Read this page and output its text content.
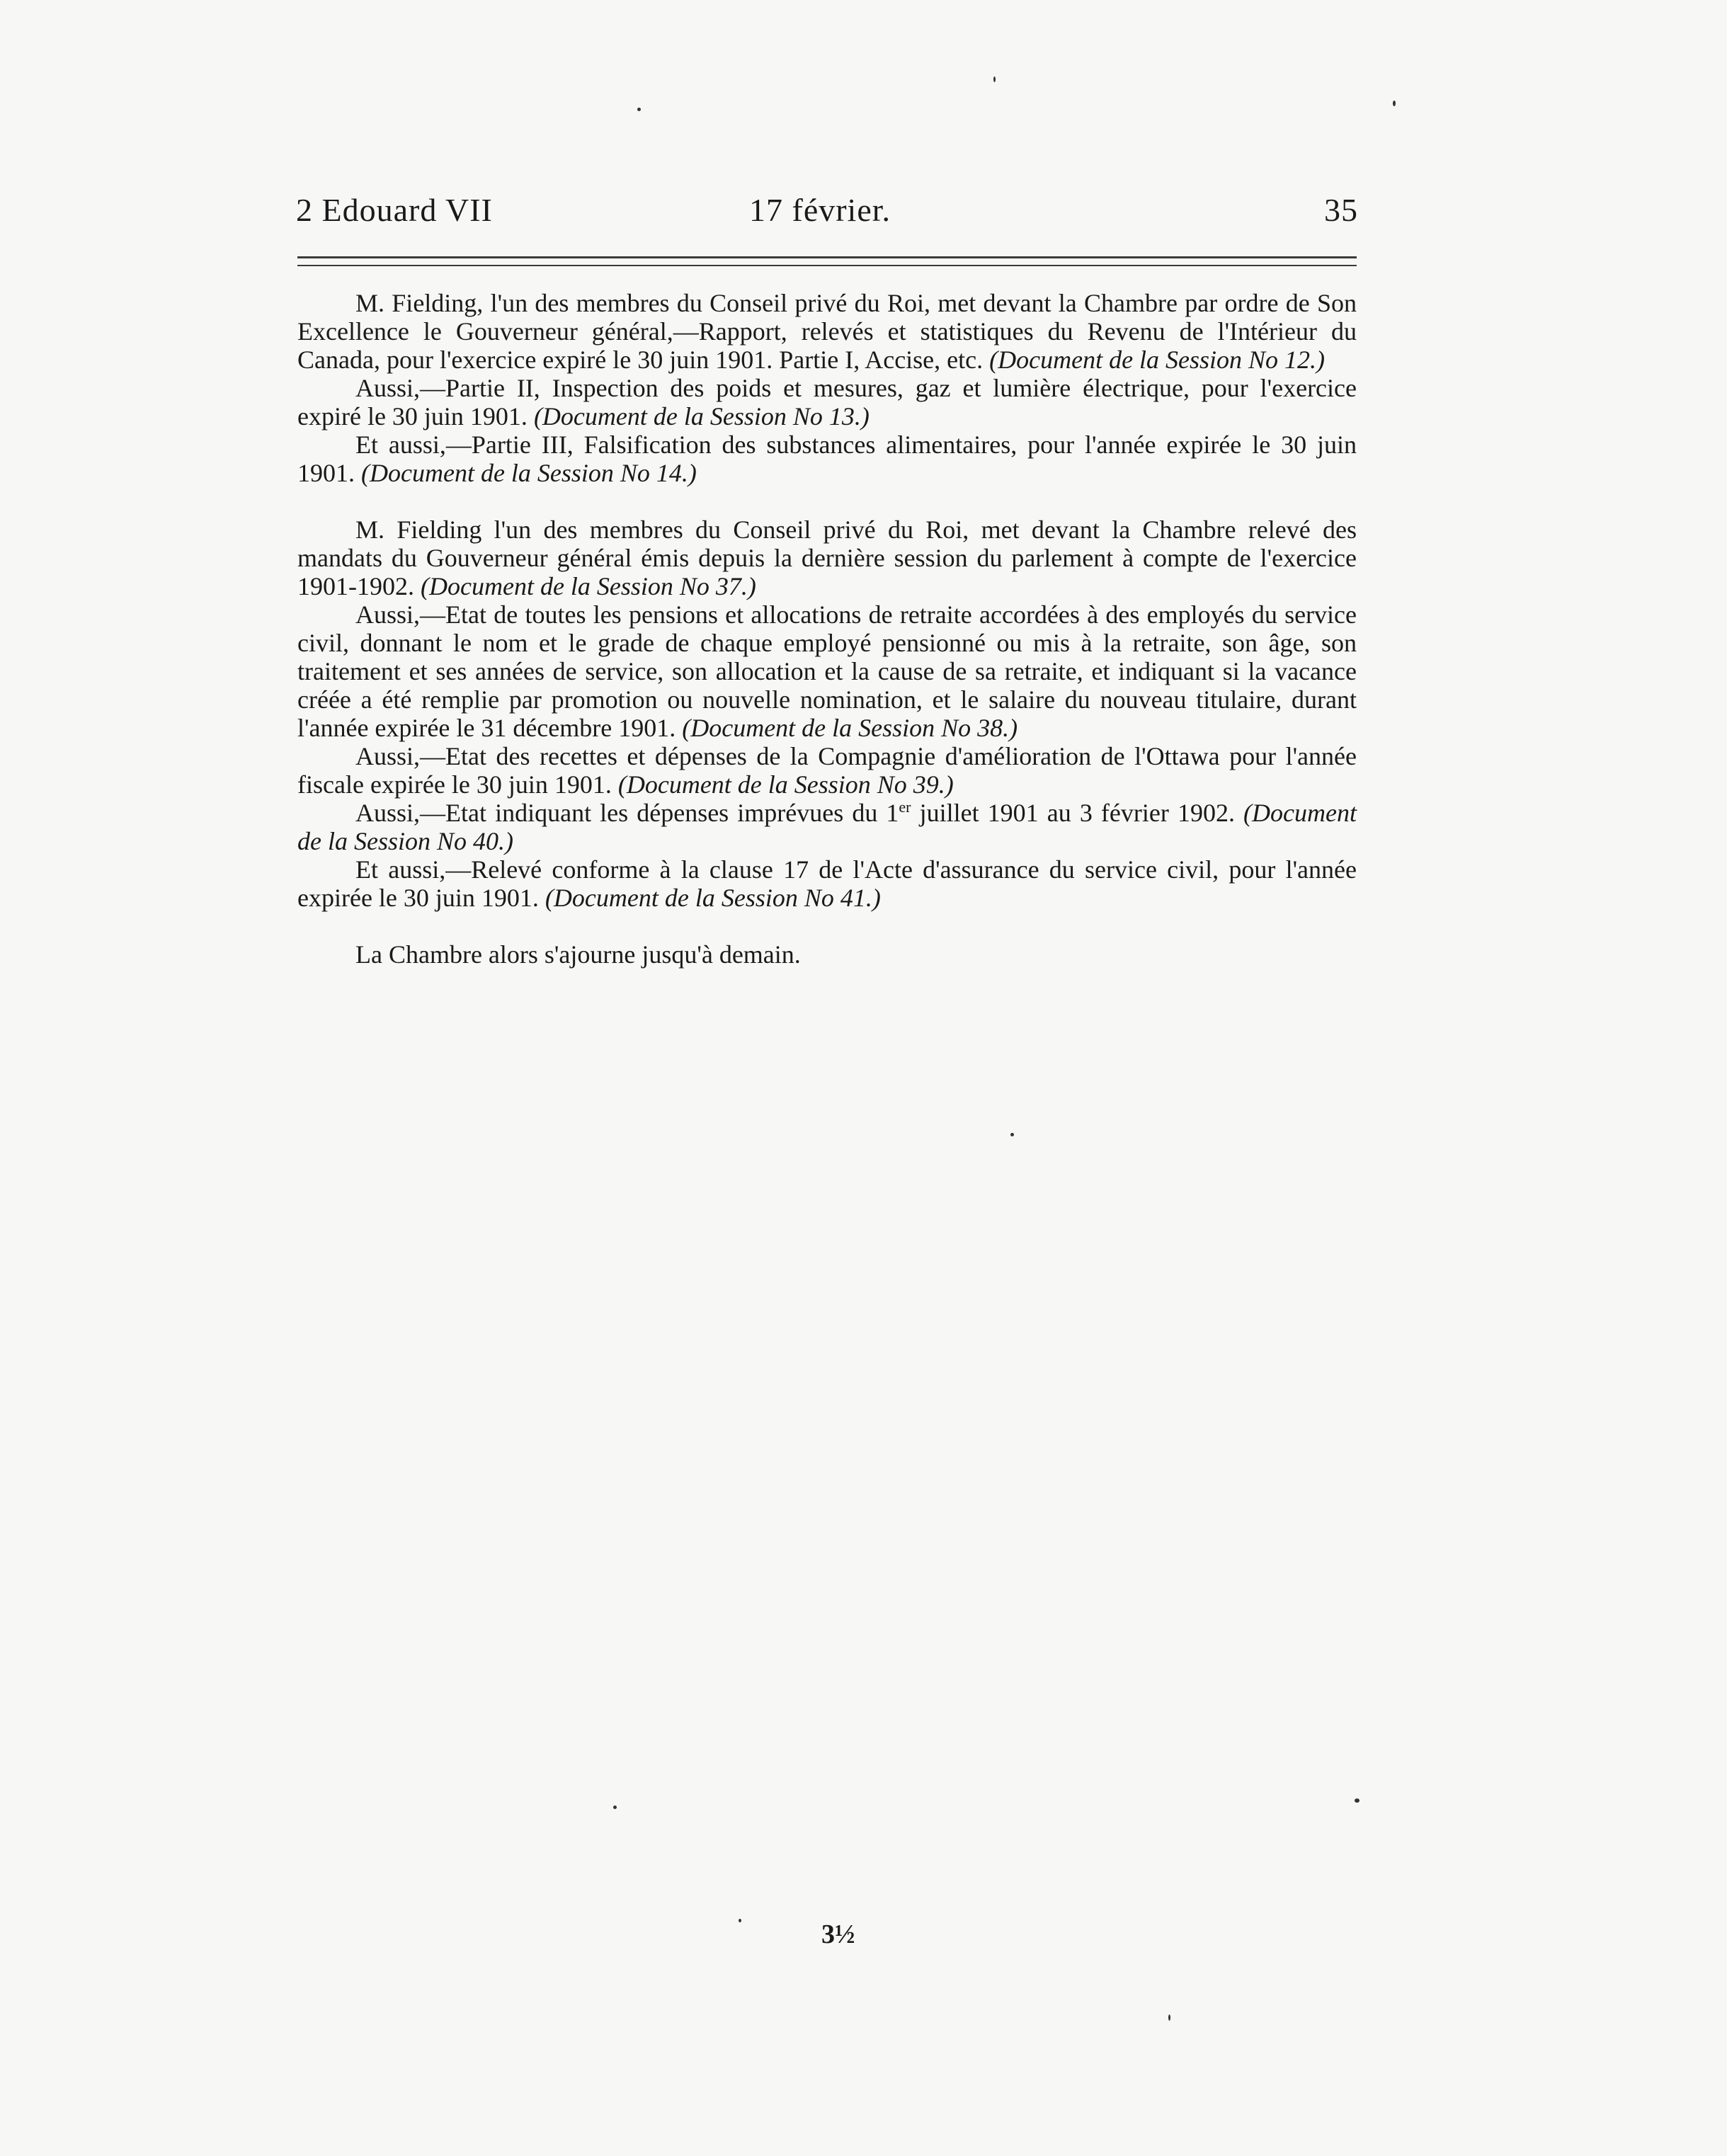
2 Edouard VII	17 février.	35

M. Fielding, l'un des membres du Conseil privé du Roi, met devant la Chambre par ordre de Son Excellence le Gouverneur général,—Rapport, relevés et statistiques du Revenu de l'Intérieur du Canada, pour l'exercice expiré le 30 juin 1901. Partie I, Accise, etc. (Document de la Session No 12.)

Aussi,—Partie II, Inspection des poids et mesures, gaz et lumière électrique, pour l'exercice expiré le 30 juin 1901. (Document de la Session No 13.)

Et aussi,—Partie III, Falsification des substances alimentaires, pour l'année expirée le 30 juin 1901. (Document de la Session No 14.)

M. Fielding l'un des membres du Conseil privé du Roi, met devant la Chambre relevé des mandats du Gouverneur général émis depuis la dernière session du parlement à compte de l'exercice 1901-1902. (Document de la Session No 37.)

Aussi,—Etat de toutes les pensions et allocations de retraite accordées à des employés du service civil, donnant le nom et le grade de chaque employé pensionné ou mis à la retraite, son âge, son traitement et ses années de service, son allocation et la cause de sa retraite, et indiquant si la vacance créée a été remplie par promotion ou nouvelle nomination, et le salaire du nouveau titulaire, durant l'année expirée le 31 décembre 1901. (Document de la Session No 38.)

Aussi,—Etat des recettes et dépenses de la Compagnie d'amélioration de l'Ottawa pour l'année fiscale expirée le 30 juin 1901. (Document de la Session No 39.)

Aussi,—Etat indiquant les dépenses imprévues du 1er juillet 1901 au 3 février 1902. (Document de la Session No 40.)

Et aussi,—Relevé conforme à la clause 17 de l'Acte d'assurance du service civil, pour l'année expirée le 30 juin 1901. (Document de la Session No 41.)

La Chambre alors s'ajourne jusqu'à demain.

3½
